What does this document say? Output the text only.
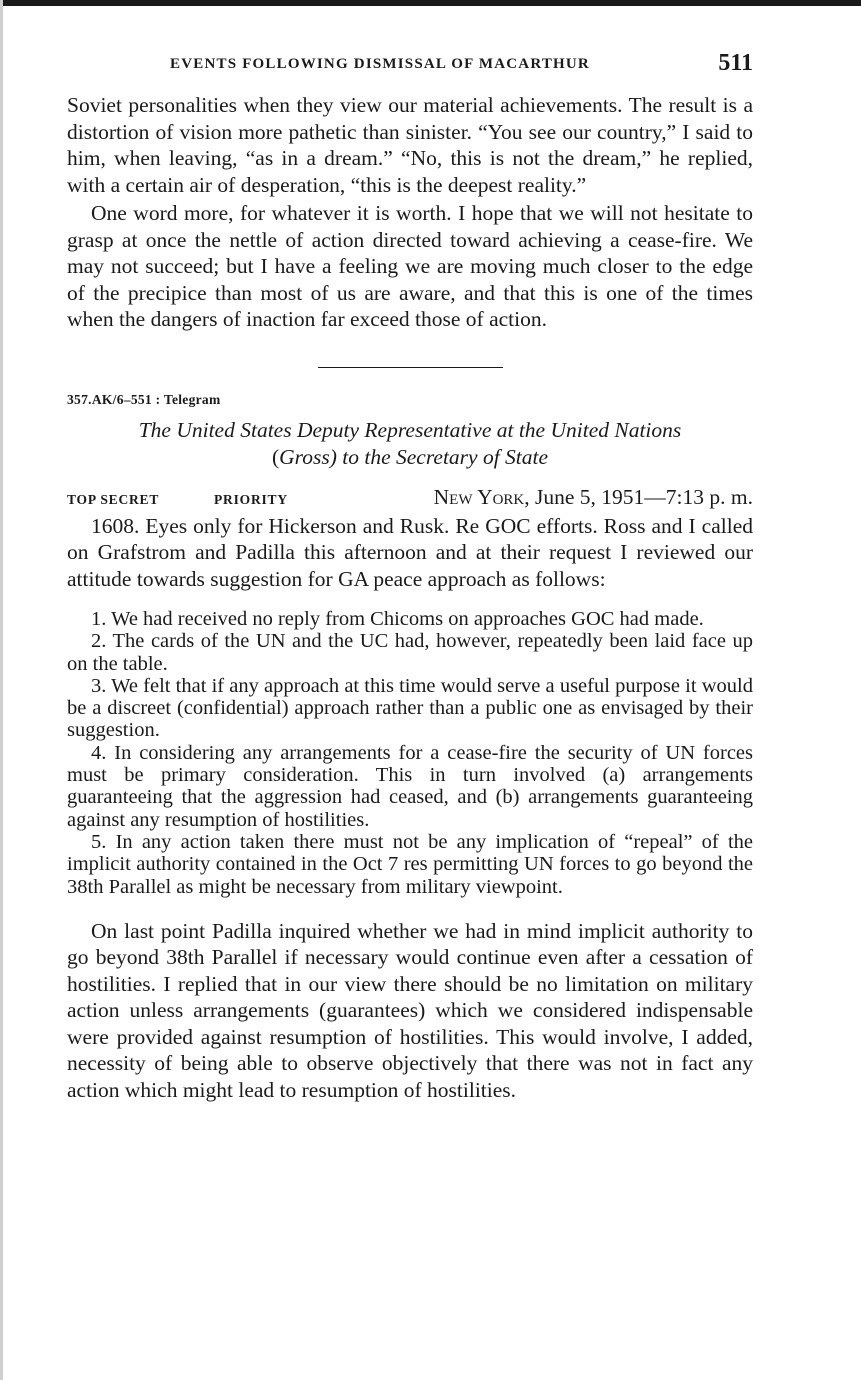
EVENTS FOLLOWING DISMISSAL OF MACARTHUR	511

Soviet personalities when they view our material achievements. The result is a distortion of vision more pathetic than sinister. “You see our country,” I said to him, when leaving, “as in a dream.” “No, this is not the dream,” he replied, with a certain air of desperation, “this is the deepest reality.”

One word more, for whatever it is worth. I hope that we will not hesitate to grasp at once the nettle of action directed toward achieving a cease-fire. We may not succeed; but I have a feeling we are moving much closer to the edge of the precipice than most of us are aware, and that this is one of the times when the dangers of inaction far exceed those of action.

357.AK/6–551 : Telegram
The United States Deputy Representative at the United Nations
(Gross) to the Secretary of State
TOP SECRET	PRIORITY	New York, June 5, 1951—7:13 p. m.

1608. Eyes only for Hickerson and Rusk. Re GOC efforts. Ross and I called on Grafstrom and Padilla this afternoon and at their request I reviewed our attitude towards suggestion for GA peace approach as follows:

1. We had received no reply from Chicoms on approaches GOC had made.

2. The cards of the UN and the UC had, however, repeatedly been laid face up on the table.

3. We felt that if any approach at this time would serve a useful purpose it would be a discreet (confidential) approach rather than a public one as envisaged by their suggestion.

4. In considering any arrangements for a cease-fire the security of UN forces must be primary consideration. This in turn involved (a) arrangements guaranteeing that the aggression had ceased, and (b) arrangements guaranteeing against any resumption of hostilities.

5. In any action taken there must not be any implication of “repeal” of the implicit authority contained in the Oct 7 res permitting UN forces to go beyond the 38th Parallel as might be necessary from military viewpoint.

On last point Padilla inquired whether we had in mind implicit authority to go beyond 38th Parallel if necessary would continue even after a cessation of hostilities. I replied that in our view there should be no limitation on military action unless arrangements (guarantees) which we considered indispensable were provided against resumption of hostilities. This would involve, I added, necessity of being able to observe objectively that there was not in fact any action which might lead to resumption of hostilities.
